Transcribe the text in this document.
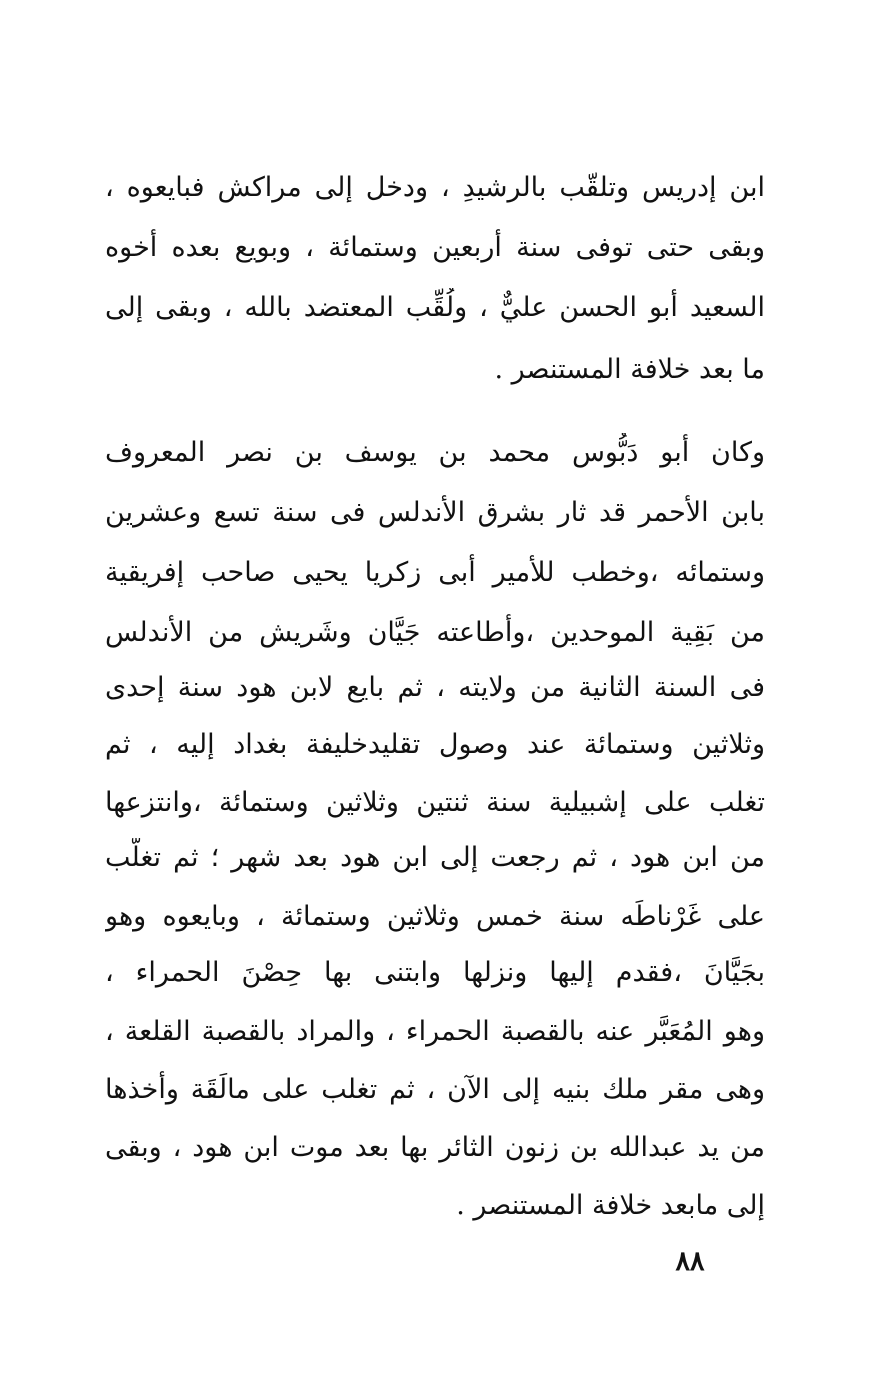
ابن إدريس وتلقّب بالرشيدِ ، ودخل إلى مراكش فبايعوه ،
وبقى حتى توفى سنة أربعين وستمائة ، وبويع بعده أخوه
السعيد أبو الحسن عليٌّ ، ولُقِّب المعتضد بالله ، وبقى إلى
ما بعد خلافة المستنصر .
وكان أبو دَبُّوس محمد بن يوسف بن نصر المعروف
بابن الأحمر قد ثار بشرق الأندلس فى سنة تسع وعشرين
وستمائه ،وخطب للأمير أبى زكريا يحيى صاحب إفريقية
من بَقِية الموحدين ،وأطاعته جَيَّان وشَريش من الأندلس
فى السنة الثانية من ولايته ، ثم بايع لابن هود سنة إحدى
وثلاثين وستمائة عند وصول تقليدخليفة بغداد إليه ، ثم
تغلب على إشبيلية سنة ثنتين وثلاثين وستمائة ،وانتزعها
من ابن هود ، ثم رجعت إلى ابن هود بعد شهر ؛ ثم تغلّب
على غَرْناطَه سنة خمس وثلاثين وستمائة ، وبايعوه وهو
بجَيَّانَ ،فقدم إليها ونزلها وابتنى بها حِصْنَ الحمراء ،
وهو المُعَبَّر عنه بالقصبة الحمراء ، والمراد بالقصبة القلعة ،
وهى مقر ملك بنيه إلى الآن ، ثم تغلب على مالَقَة وأخذها
من يد عبدالله بن زنون الثائر بها بعد موت ابن هود ، وبقى
إلى مابعد خلافة المستنصر .
٨٨
